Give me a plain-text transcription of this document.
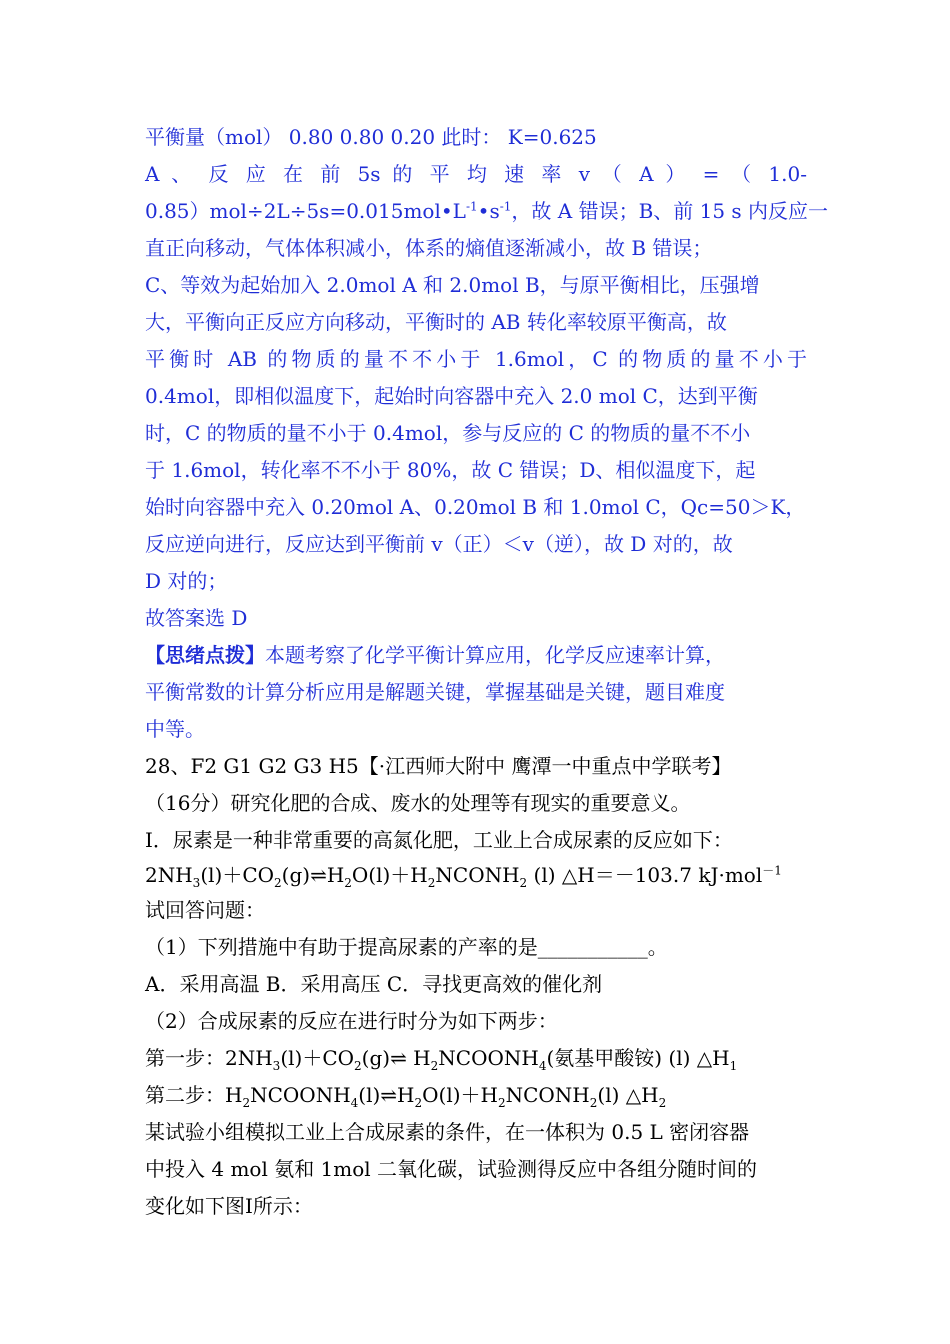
平衡量（mol） 0.80 0.80 0.20 此时： K=0.625
A 、 反 应 在 前 5s 的 平 均 速 率 v （ A ） = （ 1.0-
$0.85)mol\div 2L\div 5s=0.015mol•L^{-1}•s^{-1}$，故 A 错误；B、前 15 s 内反应一
直正向移动，气体体积减小，体系的熵值逐渐减小，故 B 错误；
C、等效为起始加入 2.0mol A 和 2.0mol B，与原平衡相比，压强增
大，平衡向正反应方向移动，平衡时的 AB 转化率较原平衡高，故
平衡时 AB 的物质的量不不小于 1.6mol，C 的物质的量不小于
0.4mol，即相似温度下，起始时向容器中充入 2.0 mol C，达到平衡
时，C 的物质的量不小于 0.4mol，参与反应的 C 的物质的量不不小
于 1.6mol，转化率不不小于 80%，故 C 错误；D、相似温度下，起
始时向容器中充入 0.20mol A、0.20mol B 和 1.0mol C，Qc=50＞K，
反应逆向进行，反应达到平衡前 v（正）＜v（逆），故 D 对的，故
D 对的；
故答案选 D
【思绪点拨】本题考察了化学平衡计算应用，化学反应速率计算，
平衡常数的计算分析应用是解题关键，掌握基础是关键，题目难度
中等。
28、F2 G1 G2 G3 H5【·江西师大附中 鹰潭一中重点中学联考】
（16分）研究化肥的合成、废水的处理等有现实的重要意义。
Ⅰ．尿素是一种非常重要的高氮化肥，工业上合成尿素的反应如下：
$2NH_3(l)+CO_2(g)\rightleftharpoons H_2O(l)+H_2NCONH_2$ (l) △H＝－103.7 kJ·mol$^{-1}$
试回答问题：
（1）下列措施中有助于提高尿素的产率的是___________。
A．采用高温 B．采用高压 C．寻找更高效的催化剂
（2）合成尿素的反应在进行时分为如下两步：
第一步：$2NH_3(l)+CO_2(g)\rightleftharpoons$ $H_2NCOONH_4$(氨基甲酸铵) (l) $\triangle H_1$
第二步：$H_2NCOONH_4(l)\rightleftharpoons H_2O(l)+H_2NCONH_2(l)$ $\triangle H_2$
某试验小组模拟工业上合成尿素的条件，在一体积为 0.5 L 密闭容器
中投入 4 mol 氨和 1mol 二氧化碳，试验测得反应中各组分随时间的
变化如下图Ⅰ所示：
